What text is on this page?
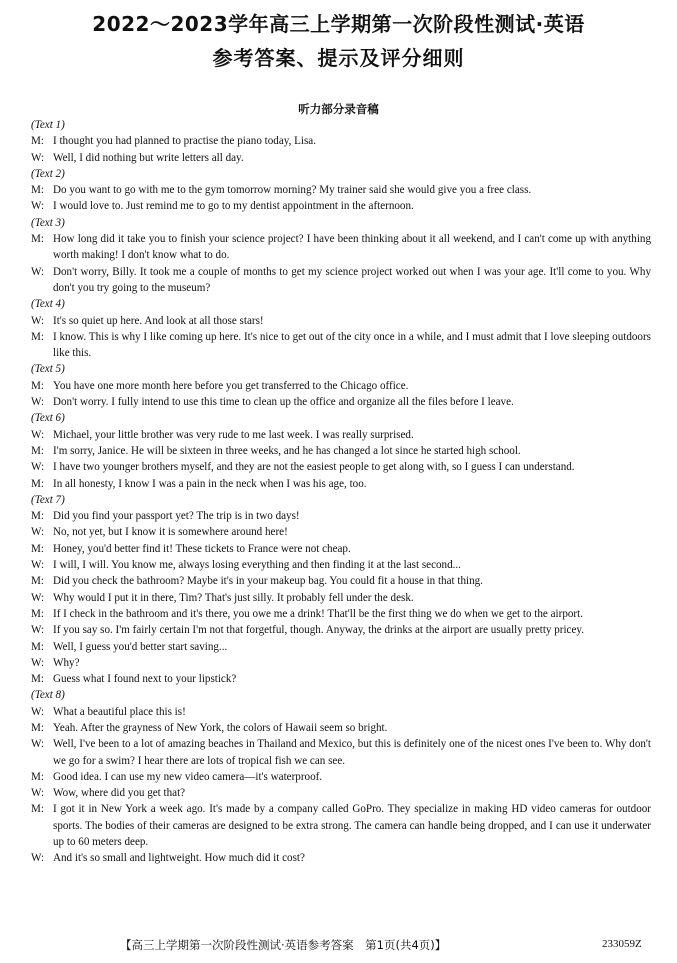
2022～2023学年高三上学期第一次阶段性测试·英语
参考答案、提示及评分细则
听力部分录音稿
(Text 1)
M: I thought you had planned to practise the piano today, Lisa.
W: Well, I did nothing but write letters all day.
(Text 2)
M: Do you want to go with me to the gym tomorrow morning? My trainer said she would give you a free class.
W: I would love to. Just remind me to go to my dentist appointment in the afternoon.
(Text 3)
M: How long did it take you to finish your science project? I have been thinking about it all weekend, and I can't come up with anything worth making! I don't know what to do.
W: Don't worry, Billy. It took me a couple of months to get my science project worked out when I was your age. It'll come to you. Why don't you try going to the museum?
(Text 4)
W: It's so quiet up here. And look at all those stars!
M: I know. This is why I like coming up here. It's nice to get out of the city once in a while, and I must admit that I love sleeping outdoors like this.
(Text 5)
M: You have one more month here before you get transferred to the Chicago office.
W: Don't worry. I fully intend to use this time to clean up the office and organize all the files before I leave.
(Text 6)
W: Michael, your little brother was very rude to me last week. I was really surprised.
M: I'm sorry, Janice. He will be sixteen in three weeks, and he has changed a lot since he started high school.
W: I have two younger brothers myself, and they are not the easiest people to get along with, so I guess I can understand.
M: In all honesty, I know I was a pain in the neck when I was his age, too.
(Text 7)
M: Did you find your passport yet? The trip is in two days!
W: No, not yet, but I know it is somewhere around here!
M: Honey, you'd better find it! These tickets to France were not cheap.
W: I will, I will. You know me, always losing everything and then finding it at the last second...
M: Did you check the bathroom? Maybe it's in your makeup bag. You could fit a house in that thing.
W: Why would I put it in there, Tim? That's just silly. It probably fell under the desk.
M: If I check in the bathroom and it's there, you owe me a drink! That'll be the first thing we do when we get to the airport.
W: If you say so. I'm fairly certain I'm not that forgetful, though. Anyway, the drinks at the airport are usually pretty pricey.
M: Well, I guess you'd better start saving...
W: Why?
M: Guess what I found next to your lipstick?
(Text 8)
W: What a beautiful place this is!
M: Yeah. After the grayness of New York, the colors of Hawaii seem so bright.
W: Well, I've been to a lot of amazing beaches in Thailand and Mexico, but this is definitely one of the nicest ones I've been to. Why don't we go for a swim? I hear there are lots of tropical fish we can see.
M: Good idea. I can use my new video camera—it's waterproof.
W: Wow, where did you get that?
M: I got it in New York a week ago. It's made by a company called GoPro. They specialize in making HD video cameras for outdoor sports. The bodies of their cameras are designed to be extra strong. The camera can handle being dropped, and I can use it underwater up to 60 meters deep.
W: And it's so small and lightweight. How much did it cost?
【高三上学期第一次阶段性测试·英语参考答案　第1页(共4页)】	233059Z
